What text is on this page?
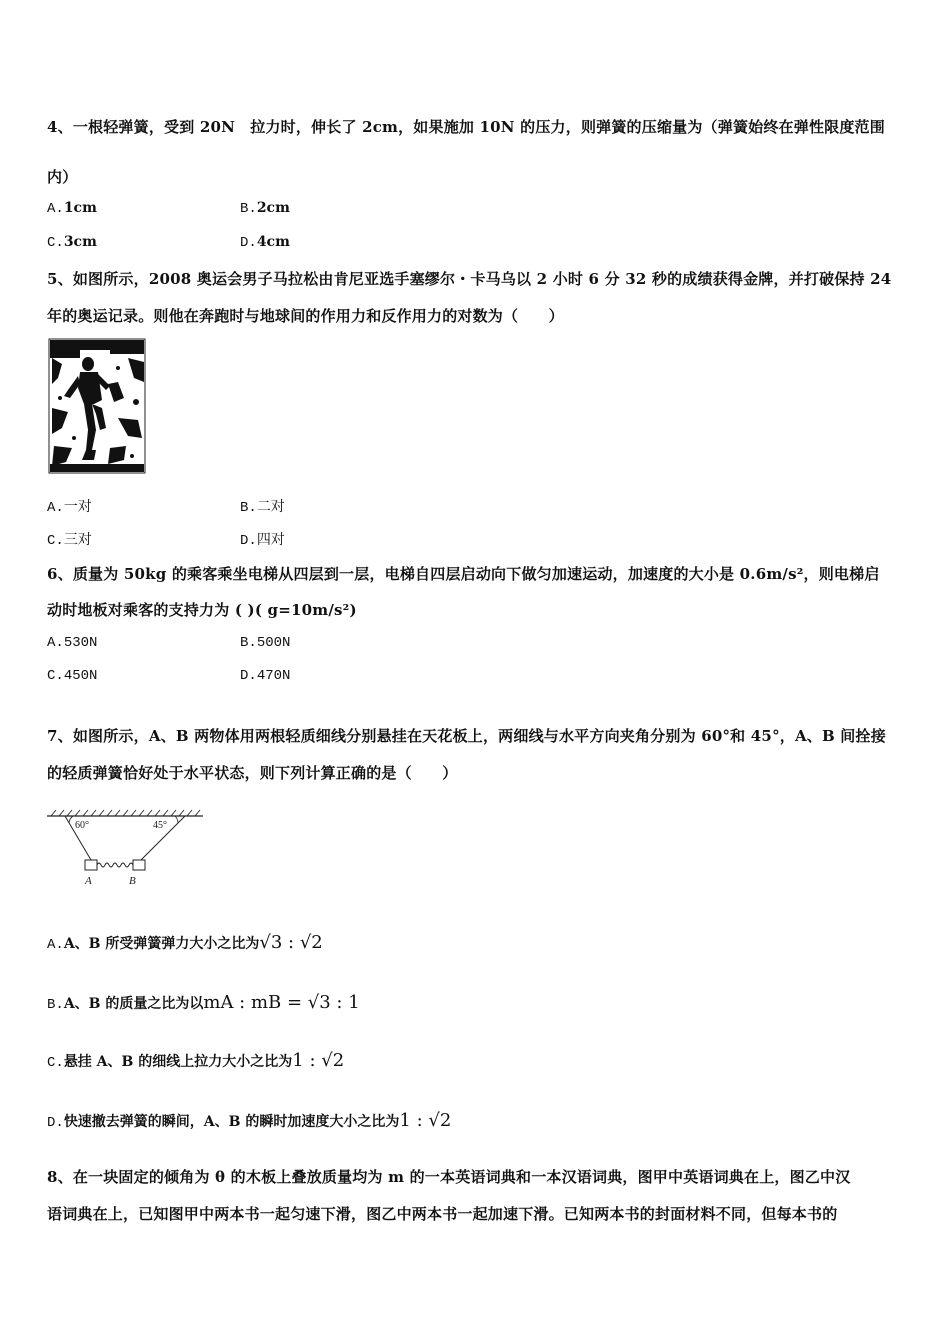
4、一根轻弹簧，受到 20N　拉力时，伸长了 2cm，如果施加 10N 的压力，则弹簧的压缩量为（弹簧始终在弹性限度范围
内）
A.1cm	B.2cm
C.3cm	D.4cm
5、如图所示，2008 奥运会男子马拉松由肯尼亚选手塞缪尔・卡马乌以 2 小时 6 分 32 秒的成绩获得金牌，并打破保持 24
年的奥运记录。则他在奔跑时与地球间的作用力和反作用力的对数为（　　）
A.一对	B.二对
C.三对	D.四对
6、质量为 50kg 的乘客乘坐电梯从四层到一层，电梯自四层启动向下做匀加速运动，加速度的大小是 0.6m/s²，则电梯启
动时地板对乘客的支持力为 ( )( g=10m/s²)
A.530N	B.500N
C.450N	D.470N
7、如图所示，A、B 两物体用两根轻质细线分别悬挂在天花板上，两细线与水平方向夹角分别为 60°和 45°，A、B 间拴接
的轻质弹簧恰好处于水平状态，则下列计算正确的是（　　）
60°	45°
A	B
A.A、B 所受弹簧弹力大小之比为√3 : √2
B.A、B 的质量之比为以mA : mB = √3 : 1
C.悬挂 A、B 的细线上拉力大小之比为1 : √2
D.快速撤去弹簧的瞬间，A、B 的瞬时加速度大小之比为1 : √2
8、在一块固定的倾角为 θ 的木板上叠放质量均为 m 的一本英语词典和一本汉语词典，图甲中英语词典在上，图乙中汉
语词典在上，已知图甲中两本书一起匀速下滑，图乙中两本书一起加速下滑。已知两本书的封面材料不同，但每本书的
